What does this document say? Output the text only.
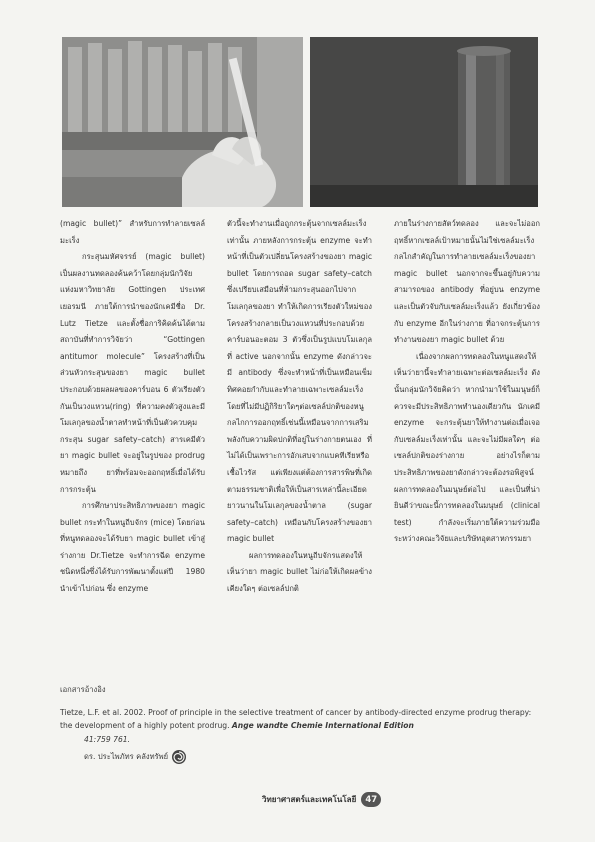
(magic bullet)” สำหรับการทำลายเซลล์มะเร็ง

กระสุนมหัศจรรย์ (magic bullet) เป็นผลงานทดลองค้นคว้าโดยกลุ่มนักวิจัยแห่งมหาวิทยาลัย Gottingen ประเทศเยอรมนี ภายใต้การนำของนักเคมีชื่อ Dr. Lutz Tietze และตั้งชื่อการิคิดค้นได้ตามสถาบันที่ทำการวิจัยว่า “Gottingen antitumor molecule” โครงสร้างที่เป็นส่วนหัวกระสุนของยา magic bullet ประกอบด้วยผลผลของคาร์บอน 6 ตัวเรียงตัวกันเป็นวงแหวน(ring) ที่ความคงตัวสูงและมีโมเลกุลของน้ำตาลทำหน้าที่เป็นตัวควบคุมกระสุน sugar safety–catch) สารเคมีตัวยา magic bullet จะอยู่ในรูปของ prodrug หมายถึง ยาที่พร้อมจะออกฤทธิ์เมื่อได้รับการกระตุ้น

การศึกษาประสิทธิภาพของยา magic bullet กระทำในหนูถีบจักร (mice) โดยก่อนที่หนูทดลองจะได้รับยา magic bullet เข้าสู่ร่างกาย Dr.Tietze จะทำการฉีด enzyme ชนิดหนึ่งซึ่งได้รับการพัฒนาตั้งแต่ปี 1980 นำเข้าไปก่อน ซึ่ง enzyme

ตัวนี้จะทำงานเมื่อถูกกระตุ้นจากเซลล์มะเร็งเท่านั้น ภายหลังการกระตุ้น enzyme จะทำหน้าที่เป็นตัวเปลี่ยนโครงสร้างของยา magic bullet โดยการถอด sugar safety–catch ซึ่งเปรียบเสมือนที่ห้ามกระสุนออกไปจากโมเลกุลของยา ทำให้เกิดการเรียงตัวใหม่ของโครงสร้างกลายเป็นวงแหวนที่ประกอบด้วยคาร์บอนอะตอม 3 ตัวซึ่งเป็นรูปแบบโมเลกุลที่ active นอกจากนั้น enzyme ดังกล่าวจะมี antibody ซึ่งจะทำหน้าที่เป็นเหมือนเข็มทิศคอยกำกับและทำลายเฉพาะเซลล์มะเร็ง โดยที่ไม่มีปฏิกิริยาใดๆต่อเซลล์ปกติของหนู กลไกการออกฤทธิ์เช่นนี้เหมือนจากการเสริมพลังกับความผิดปกติที่อยู่ในร่างกายตนเอง ที่ไม่ได้เป็นเพราะการอักเสบจากแบคทีเรียหรือเชื้อไวรัส แต่เพียงแต่ต้องการสารพิษที่เกิดตามธรรมชาติเพื่อให้เป็นสารเหล่านี้ละเอียดยาวนานในโมเลกุลของน้ำตาล (sugar safety–catch) เหมือนกับโครงสร้างของยา magic bullet

ผลการทดลองในหนูถีบจักรแสดงให้เห็นว่ายา magic bullet ไม่ก่อให้เกิดผลข้างเคียงใดๆ ต่อเซลล์ปกติ

ภายในร่างกายสัตว์ทดลอง และจะไม่ออกฤทธิ์หากเซลล์เป้าหมายนั้นไม่ใช่เซลล์มะเร็ง กลไกสำคัญในการทำลายเซลล์มะเร็งของยา magic bullet นอกจากจะขึ้นอยู่กับความสามารถของ antibody ที่อยู่บน enzyme และเป็นตัวจับกับเซลล์มะเร็งแล้ว ยังเกี่ยวข้องกับ enzyme อีกในร่างกาย ที่อาจกระตุ้นการทำงานของยา magic bullet ด้วย

เนื่องจากผลการทดลองในหนูแสดงให้เห็นว่ายานี้จะทำลายเฉพาะต่อเซลล์มะเร็ง ดังนั้นกลุ่มนักวิจัยคิดว่า หากนำมาใช้ในมนุษย์ก็ควรจะมีประสิทธิภาพทำนองเดียวกัน นักเคมี enzyme จะกระตุ้นยาให้ทำงานต่อเมื่อเจอกับเซลล์มะเร็งเท่านั้น และจะไม่มีผลใดๆ ต่อเซลล์ปกติของร่างกาย อย่างไรก็ตามประสิทธิภาพของยาดังกล่าวจะต้องรอพิสูจน์ผลการทดลองในมนุษย์ต่อไป และเป็นที่น่ายินดีว่าขณะนี้การทดลองในมนุษย์ (clinical test) กำลังจะเริ่มภายใต้ความร่วมมือระหว่างคณะวิจัยและบริษัทอุตสาหกรรมยา

เอกสารอ้างอิง

Tietze, L.F. et al. 2002. Proof of principle in the selective treatment of cancer by antibody-directed enzyme prodrug therapy: the development of a highly potent prodrug. Ange wandte Chemie International Edition

41:759 761.

ดร. ประไพภัทร คลังทรัพย์

วิทยาศาสตร์และเทคโนโลยี	47
